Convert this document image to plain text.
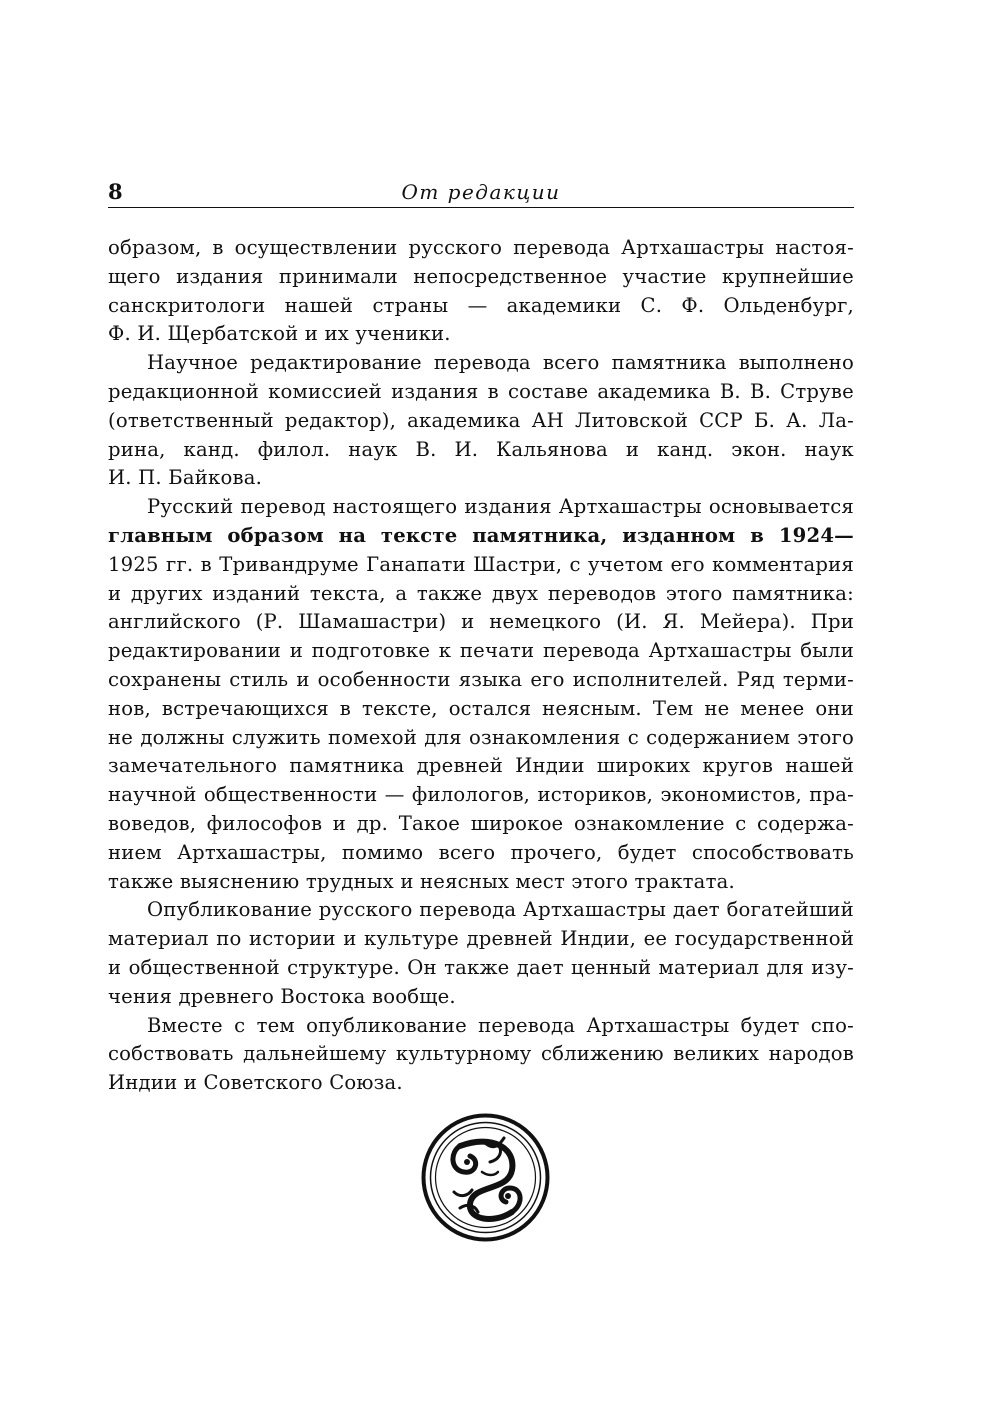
8	От редакции
образом, в осуществлении русского перевода Артхашастры настоя-
щего издания принимали непосредственное участие крупнейшие
санскритологи нашей страны — академики С. Ф. Ольденбург,
Ф. И. Щербатской и их ученики.
Научное редактирование перевода всего памятника выполнено
редакционной комиссией издания в составе академика В. В. Струве
(ответственный редактор), академика АН Литовской ССР Б. А. Ла-
рина, канд. филол. наук В. И. Кальянова и канд. экон. наук
И. П. Байкова.
Русский перевод настоящего издания Артхашастры основывается
главным образом на тексте памятника, изданном в 1924—
1925 гг. в Тривандруме Ганапати Шастри, с учетом его комментария
и других изданий текста, а также двух переводов этого памятника:
английского (Р. Шамашастри) и немецкого (И. Я. Мейера). При
редактировании и подготовке к печати перевода Артхашастры были
сохранены стиль и особенности языка его исполнителей. Ряд терми-
нов, встречающихся в тексте, остался неясным. Тем не менее они
не должны служить помехой для ознакомления с содержанием этого
замечательного памятника древней Индии широких кругов нашей
научной общественности — филологов, историков, экономистов, пра-
воведов, философов и др. Такое широкое ознакомление с содержа-
нием Артхашастры, помимо всего прочего, будет способствовать
также выяснению трудных и неясных мест этого трактата.
Опубликование русского перевода Артхашастры дает богатейший
материал по истории и культуре древней Индии, ее государственной
и общественной структуре. Он также дает ценный материал для изу-
чения древнего Востока вообще.
Вместе с тем опубликование перевода Артхашастры будет спо-
собствовать дальнейшему культурному сближению великих народов
Индии и Советского Союза.
